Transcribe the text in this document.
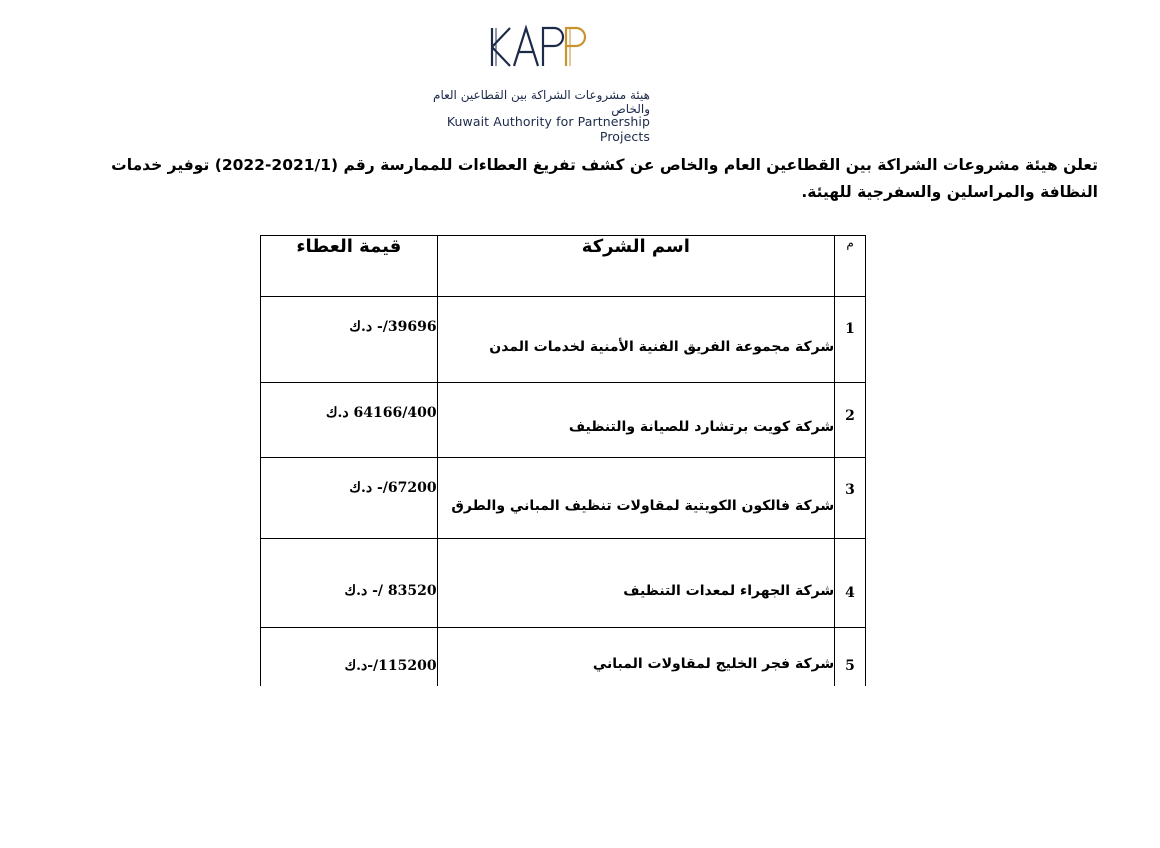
هيئة مشروعات الشراكة بين القطاعين العام والخاص
Kuwait Authority for Partnership Projects
تعلن هيئة مشروعات الشراكة بين القطاعين العام والخاص عن كشف تفريغ العطاءات للممارسة رقم (2021/1-2022) توفير خدمات النظافة والمراسلين والسفرجية للهيئة.
م	اسم الشركة	قيمة العطاء

1	شركة مجموعة الفريق الفنية الأمنية لخدمات المدن	39696/- د.ك

2	شركة كويت برتشارد للصيانة والتنظيف	64166/400 د.ك

3	شركة فالكون الكويتية لمقاولات تنظيف المباني والطرق	67200/- د.ك

4	شركة الجهراء لمعدات التنظيف	83520 /- د.ك

5	شركة فجر الخليج لمقاولات المباني	115200/-د.ك
